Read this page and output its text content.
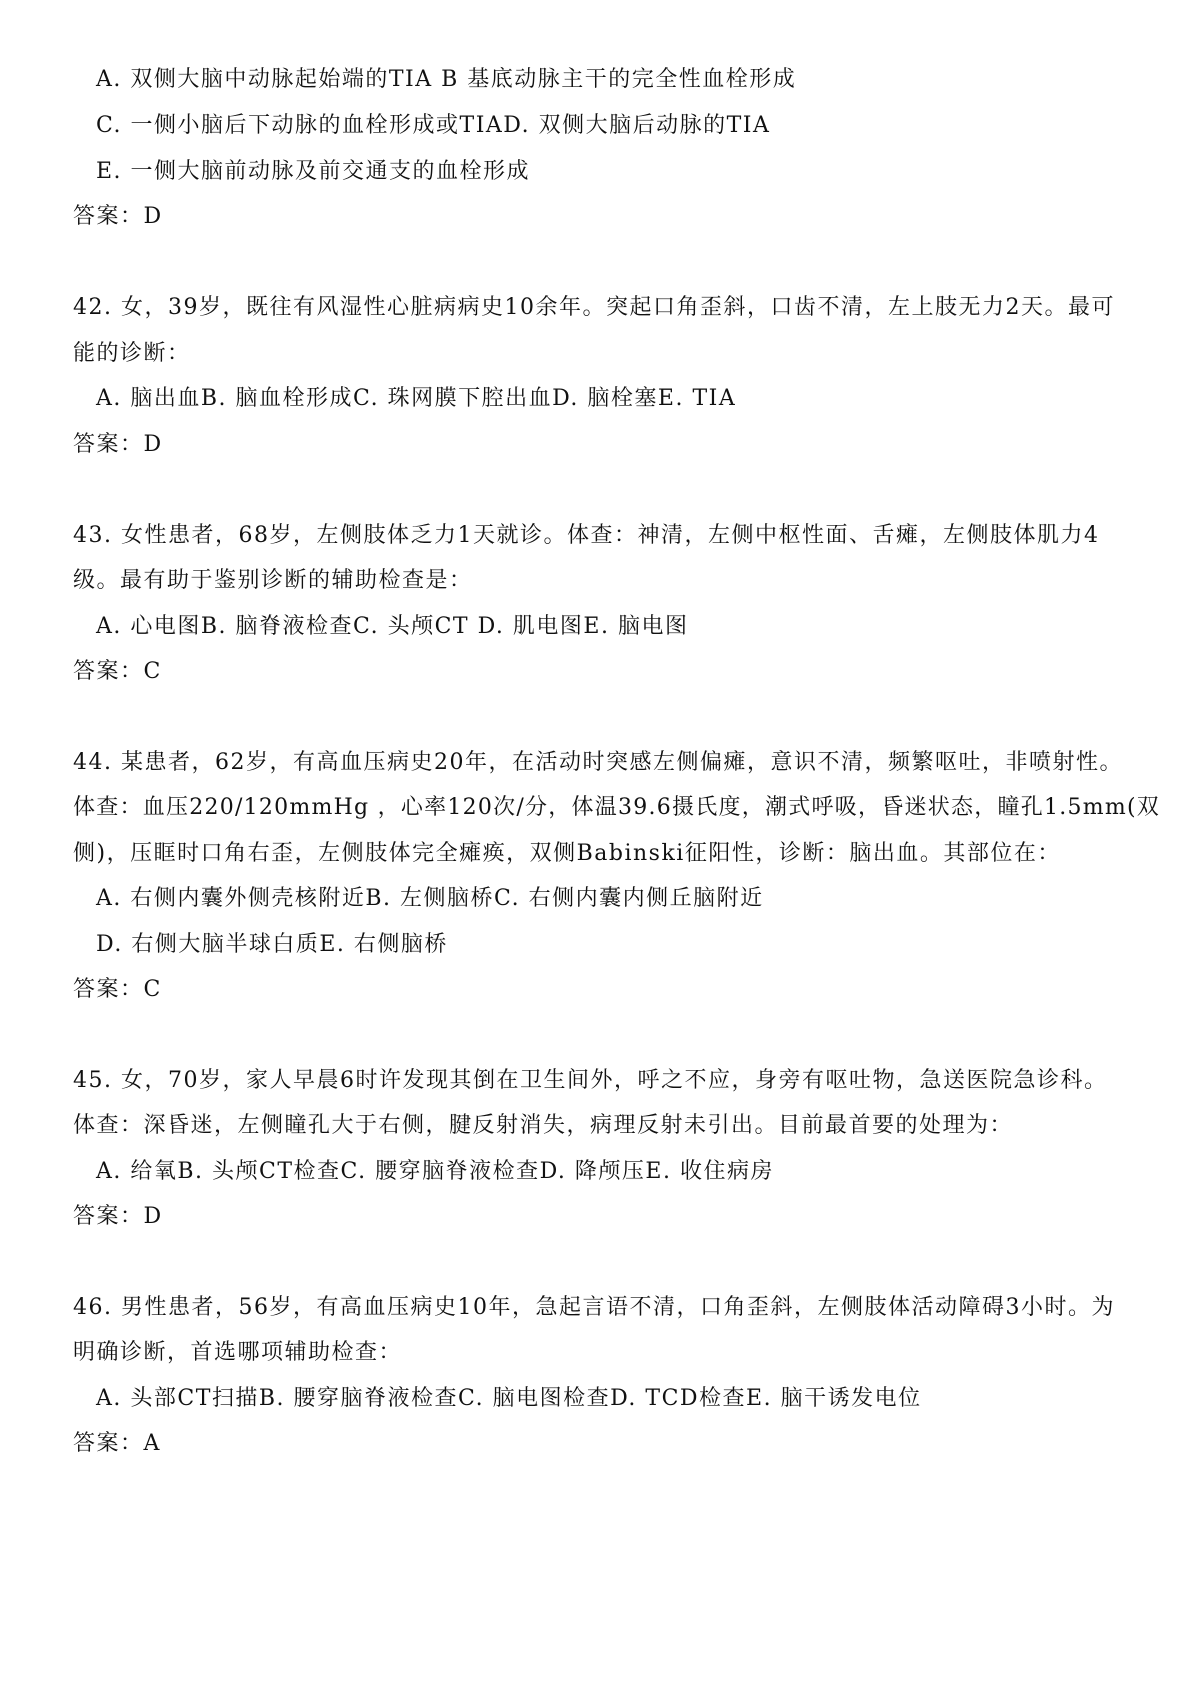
A. 双侧大脑中动脉起始端的TIA B 基底动脉主干的完全性血栓形成
C. 一侧小脑后下动脉的血栓形成或TIAD. 双侧大脑后动脉的TIA
E. 一侧大脑前动脉及前交通支的血栓形成
答案：D
42. 女，39岁，既往有风湿性心脏病病史10余年。突起口角歪斜，口齿不清，左上肢无力2天。最可
能的诊断：
A. 脑出血B. 脑血栓形成C. 珠网膜下腔出血D. 脑栓塞E. TIA
答案：D
43. 女性患者，68岁，左侧肢体乏力1天就诊。体查：神清，左侧中枢性面、舌瘫，左侧肢体肌力4
级。最有助于鉴别诊断的辅助检查是：
A. 心电图B. 脑脊液检查C. 头颅CT D. 肌电图E. 脑电图
答案：C
44. 某患者，62岁，有高血压病史20年，在活动时突感左侧偏瘫，意识不清，频繁呕吐，非喷射性。
体查：血压220/120mmHg ，心率120次/分，体温39.6摄氏度，潮式呼吸，昏迷状态，瞳孔1.5mm(双
侧)，压眶时口角右歪，左侧肢体完全瘫痪，双侧Babinski征阳性，诊断：脑出血。其部位在：
A. 右侧内囊外侧壳核附近B. 左侧脑桥C. 右侧内囊内侧丘脑附近
D. 右侧大脑半球白质E. 右侧脑桥
答案：C
45. 女，70岁，家人早晨6时许发现其倒在卫生间外，呼之不应，身旁有呕吐物，急送医院急诊科。
体查：深昏迷，左侧瞳孔大于右侧，腱反射消失，病理反射未引出。目前最首要的处理为：
A. 给氧B. 头颅CT检查C. 腰穿脑脊液检查D. 降颅压E. 收住病房
答案：D
46. 男性患者，56岁，有高血压病史10年，急起言语不清，口角歪斜，左侧肢体活动障碍3小时。为
明确诊断，首选哪项辅助检查：
A. 头部CT扫描B. 腰穿脑脊液检查C. 脑电图检查D. TCD检查E. 脑干诱发电位
答案：A
